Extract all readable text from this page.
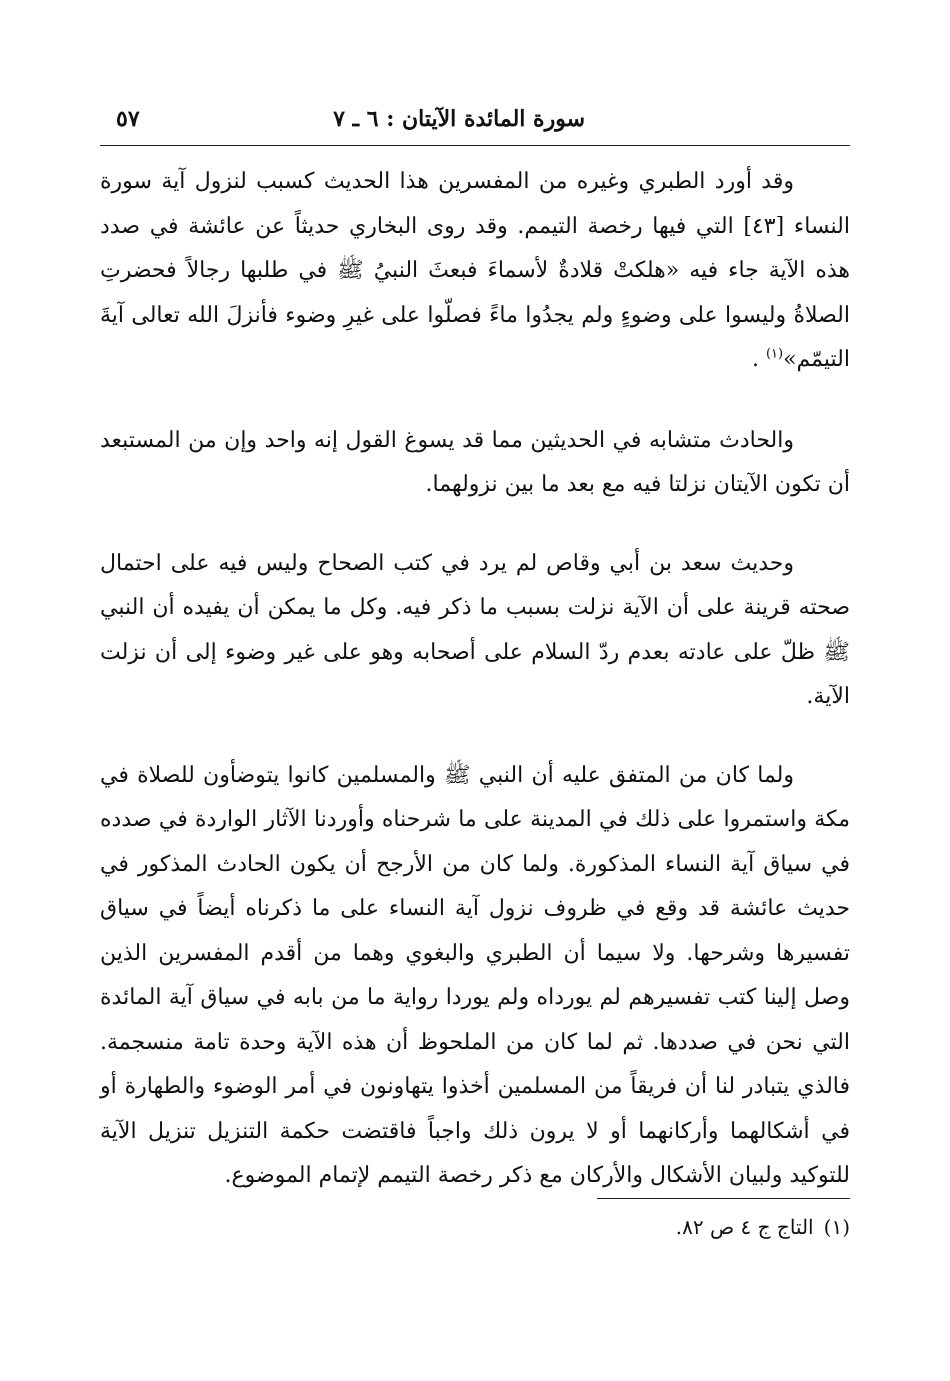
سورة المائدة الآيتان : ٦ ـ ٧
٥٧

وقد أورد الطبري وغيره من المفسرين هذا الحديث كسبب لنزول آية سورة النساء [٤٣] التي فيها رخصة التيمم. وقد روى البخاري حديثاً عن عائشة في صدد هذه الآية جاء فيه «هلكتْ قلادةٌ لأسماءَ فبعثَ النبيُ ﷺ في طلبها رجالاً فحضرتِ الصلاةُ وليسوا على وضوءٍ ولم يجدُوا ماءً فصلّوا على غيرِ وضوء فأنزلَ الله تعالى آيةَ التيمّم»$^{(١)}$ .

والحادث متشابه في الحديثين مما قد يسوغ القول إنه واحد وإن من المستبعد أن تكون الآيتان نزلتا فيه مع بعد ما بين نزولهما.

وحديث سعد بن أبي وقاص لم يرد في كتب الصحاح وليس فيه على احتمال صحته قرينة على أن الآية نزلت بسبب ما ذكر فيه. وكل ما يمكن أن يفيده أن النبي ﷺ ظلّ على عادته بعدم ردّ السلام على أصحابه وهو على غير وضوء إلى أن نزلت الآية.

ولما كان من المتفق عليه أن النبي ﷺ والمسلمين كانوا يتوضأون للصلاة في مكة واستمروا على ذلك في المدينة على ما شرحناه وأوردنا الآثار الواردة في صدده في سياق آية النساء المذكورة. ولما كان من الأرجح أن يكون الحادث المذكور في حديث عائشة قد وقع في ظروف نزول آية النساء على ما ذكرناه أيضاً في سياق تفسيرها وشرحها. ولا سيما أن الطبري والبغوي وهما من أقدم المفسرين الذين وصل إلينا كتب تفسيرهم لم يورداه ولم يوردا رواية ما من بابه في سياق آية المائدة التي نحن في صددها. ثم لما كان من الملحوظ أن هذه الآية وحدة تامة منسجمة. فالذي يتبادر لنا أن فريقاً من المسلمين أخذوا يتهاونون في أمر الوضوء والطهارة أو في أشكالهما وأركانهما أو لا يرون ذلك واجباً فاقتضت حكمة التنزيل تنزيل الآية للتوكيد ولبيان الأشكال والأركان مع ذكر رخصة التيمم لإتمام الموضوع.

(١)التاج ج ٤ ص ٨٢.
